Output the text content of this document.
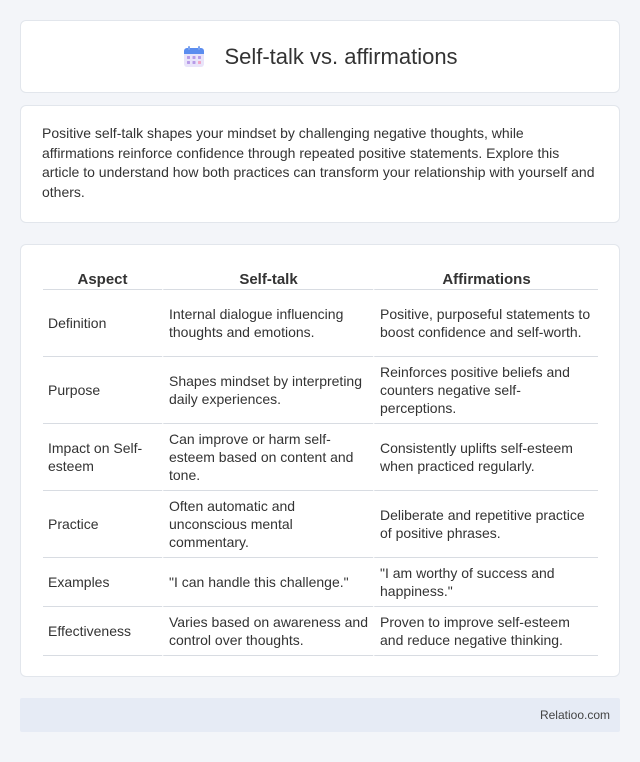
Self-talk vs. affirmations

Positive self-talk shapes your mindset by challenging negative thoughts, while affirmations reinforce confidence through repeated positive statements. Explore this article to understand how both practices can transform your relationship with yourself and others.

Aspect	Self-talk	Affirmations
Definition	Internal dialogue influencing thoughts and emotions.	Positive, purposeful statements to boost confidence and self-worth.
Purpose	Shapes mindset by interpreting daily experiences.	Reinforces positive beliefs and counters negative self-perceptions.
Impact on Self-esteem	Can improve or harm self-esteem based on content and tone.	Consistently uplifts self-esteem when practiced regularly.
Practice	Often automatic and unconscious mental commentary.	Deliberate and repetitive practice of positive phrases.
Examples	"I can handle this challenge."	"I am worthy of success and happiness."
Effectiveness	Varies based on awareness and control over thoughts.	Proven to improve self-esteem and reduce negative thinking.
Relatioo.com
